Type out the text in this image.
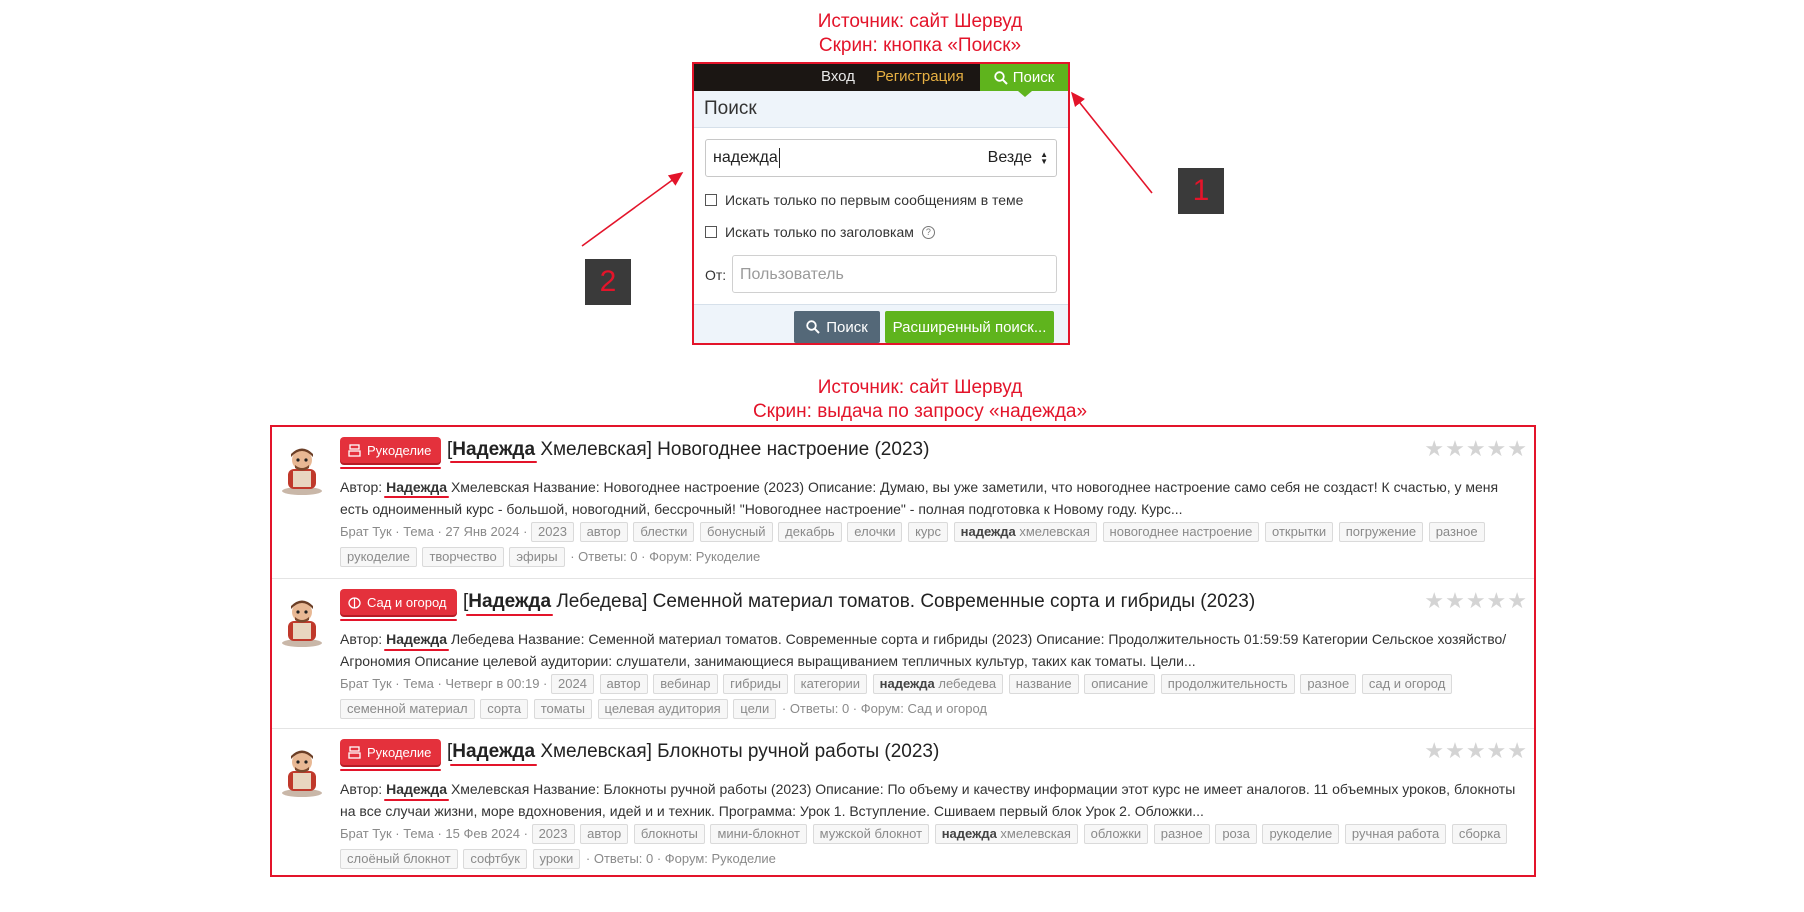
Источник: сайт Шервуд
Скрин: кнопка «Поиск»
Источник: сайт Шервуд
Скрин: выдача по запросу «надежда»
Вход Регистрация	Поиск
Поиск
надежда	Везде ▲
▼
Искать только по первым сообщениям в теме
Искать только по заголовкам	?
От: Пользователь
Поиск	Расширенный поиск...
1
2
Рукоделие [Надежда Хмелевская] Новогоднее настроение (2023)	★★★★★
Автор: Надежда Хмелевская Название: Новогоднее настроение (2023) Описание: Думаю, вы уже заметили, что новогоднее настроение само себя не создаст! К счастью, у меня есть одноименный курс - большой, новогодний, бессрочный! "Новогоднее настроение" - полная подготовка к Новому году. Курс...
Брат Тук · Тема · 27 Янв 2024 · 2023 автор блестки бонусный декабрь елочки курс надежда хмелевская новогоднее настроение открытки погружение разное рукоделие творчество эфиры · Ответы: 0 · Форум: Рукоделие
Сад и огород [Надежда Лебедева] Семенной материал томатов. Современные сорта и гибриды (2023)	★★★★★
Автор: Надежда Лебедева Название: Семенной материал томатов. Современные сорта и гибриды (2023) Описание: Продолжительность 01:59:59 Категории Сельское хозяйство/ Агрономия Описание целевой аудитории: слушатели, занимающиеся выращиванием тепличных культур, таких как томаты. Цели...
Брат Тук · Тема · Четверг в 00:19 · 2024 автор вебинар гибриды категории надежда лебедева название описание продолжительность разное сад и огород семенной материал сорта томаты целевая аудитория цели · Ответы: 0 · Форум: Сад и огород
Рукоделие [Надежда Хмелевская] Блокноты ручной работы (2023)	★★★★★
Автор: Надежда Хмелевская Название: Блокноты ручной работы (2023) Описание: По объему и качеству информации этот курс не имеет аналогов. 11 объемных уроков, блокноты на все случаи жизни, море вдохновения, идей и и техник. Программа: Урок 1. Вступление. Сшиваем первый блок Урок 2. Обложки...
Брат Тук · Тема · 15 Фев 2024 · 2023 автор блокноты мини-блокнот мужской блокнот надежда хмелевская обложки разное роза рукоделие ручная работа сборка слоёный блокнот софтбук уроки · Ответы: 0 · Форум: Рукоделие
